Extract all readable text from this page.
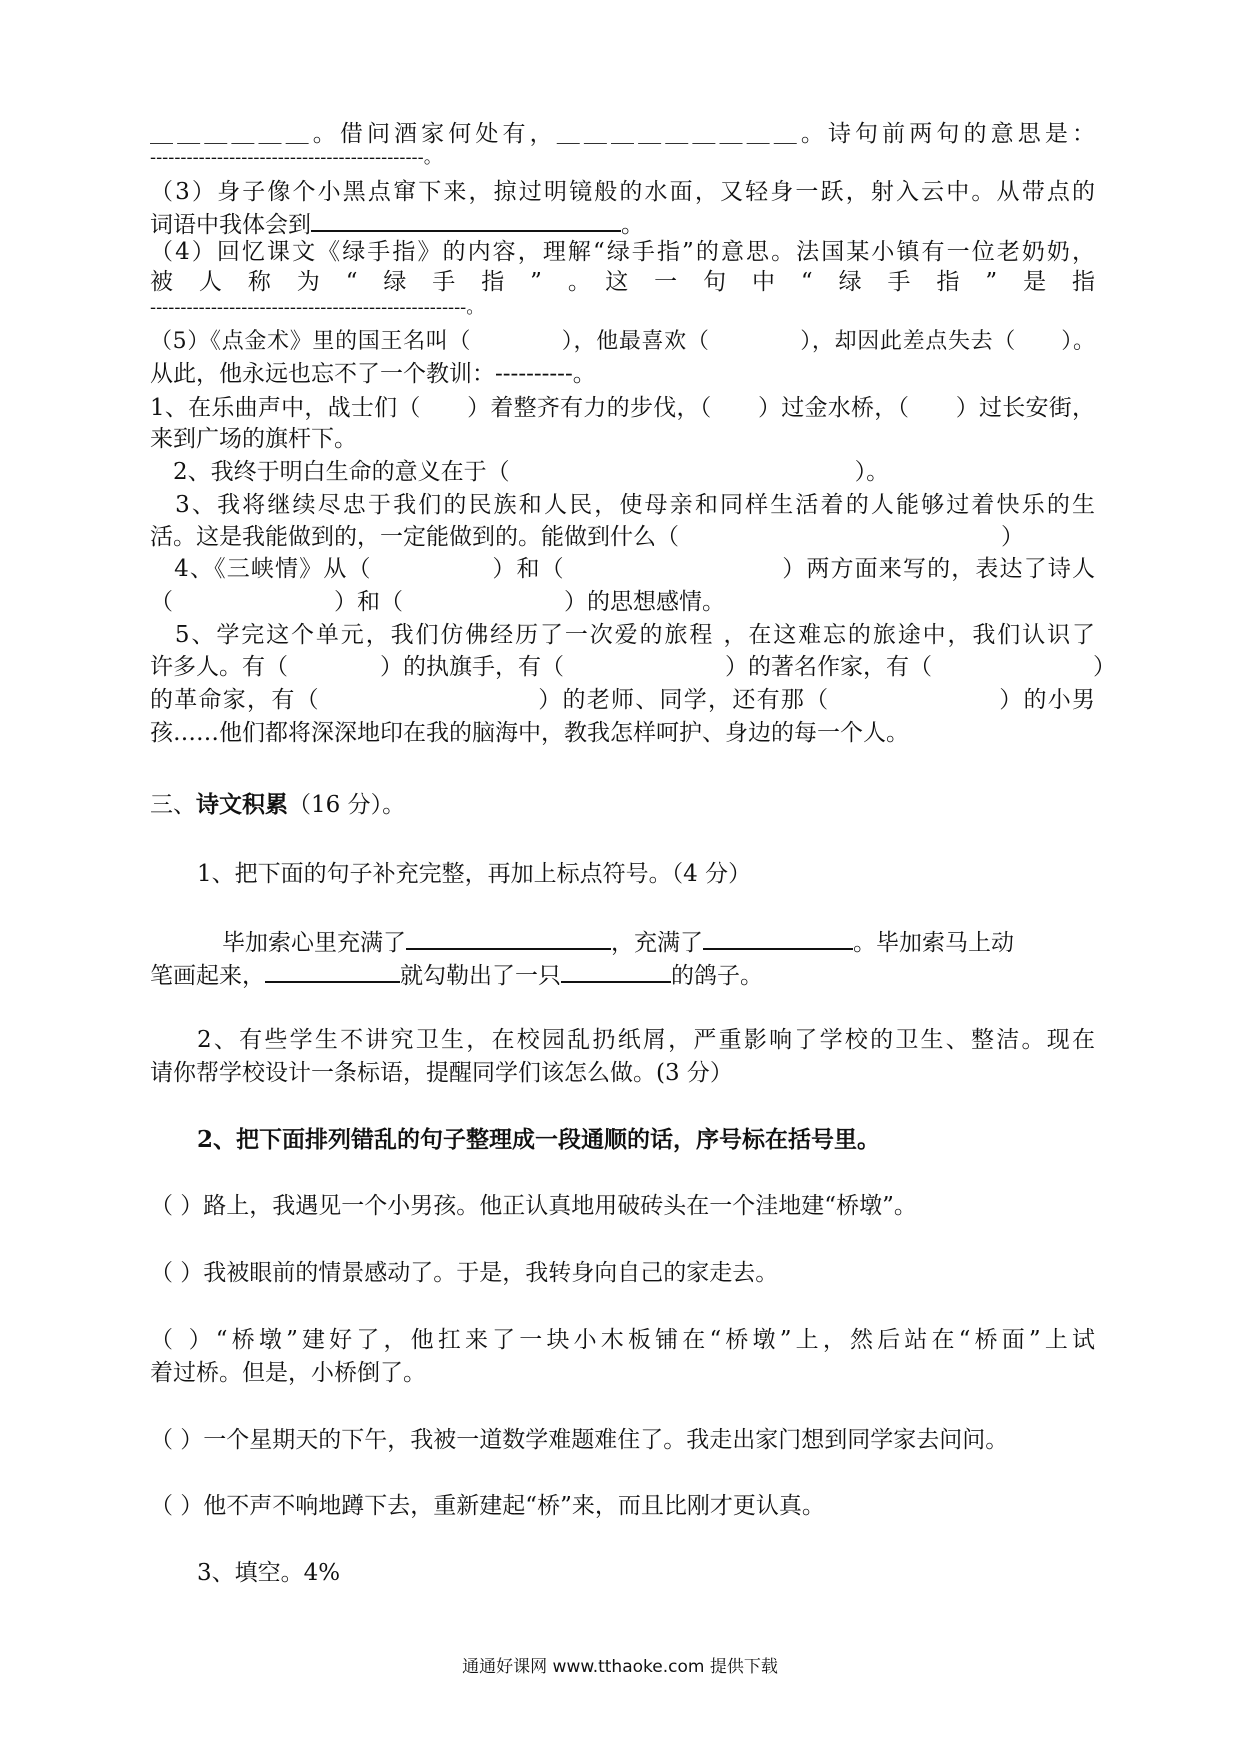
＿＿＿＿＿＿。借问酒家何处有，＿＿＿＿＿＿＿＿＿。诗句前两句的意思是：
---------------------------------------------。
（3）身子像个小黑点窜下来，掠过明镜般的水面，又轻身一跃，射入云中。从带点的
词语中我体会到	。
（4）回忆课文《绿手指》的内容，理解“绿手指”的意思。法国某小镇有一位老奶奶，
被　人　称　为　“　绿　手　指　”　。　这　一　句　中　“　绿　手　指　”　是　指
----------------------------------------------------。
（5）《点金术》里的国王名叫（　　　　），他最喜欢（　　　　），却因此差点失去（　　）。
从此，他永远也忘不了一个教训：----------。
1、在乐曲声中，战士们（　　）着整齐有力的步伐，（　　）过金水桥，（　　）过长安街，
来到广场的旗杆下。
　2、我终于明白生命的意义在于（　　　　　　　　　　　　　　　）。
　3、我将继续尽忠于我们的民族和人民，使母亲和同样生活着的人能够过着快乐的生
活。这是我能做到的，一定能做到的。能做到什么（　　　　　　　　　　　　　　）
　4、《三峡情》从（　　　　　）和（　　　　　　　　　）两方面来写的，表达了诗人
（　　　　　　　）和（　　　　　　　）的思想感情。
　5、学完这个单元，我们仿佛经历了一次爱的旅程 ，在这难忘的旅途中，我们认识了
许多人。有（　　　　）的执旗手，有（　　　　　　　）的著名作家，有（　　　　　　　）
的革命家，有（　　　　　　　　　）的老师、同学，还有那（　　　　　　　）的小男
孩……他们都将深深地印在我的脑海中，教我怎样呵护、身边的每一个人。
三、诗文积累（16 分）。
1、把下面的句子补充完整，再加上标点符号。（4 分）
毕加索心里充满了	，充满了	。毕加索马上动
笔画起来，	就勾勒出了一只	的鸽子。
2、有些学生不讲究卫生，在校园乱扔纸屑，严重影响了学校的卫生、整洁。现在
请你帮学校设计一条标语，提醒同学们该怎么做。(3 分）
2、把下面排列错乱的句子整理成一段通顺的话，序号标在括号里。
（ ）路上，我遇见一个小男孩。他正认真地用破砖头在一个洼地建“桥墩”。
（ ）我被眼前的情景感动了。于是，我转身向自己的家走去。
（ ）“桥墩”建好了，他扛来了一块小木板铺在“桥墩”上，然后站在“桥面”上试
着过桥。但是，小桥倒了。
（ ）一个星期天的下午，我被一道数学难题难住了。我走出家门想到同学家去问问。
（ ）他不声不响地蹲下去，重新建起“桥”来，而且比刚才更认真。
3、填空。4%
通通好课网 www.tthaoke.com 提供下载
